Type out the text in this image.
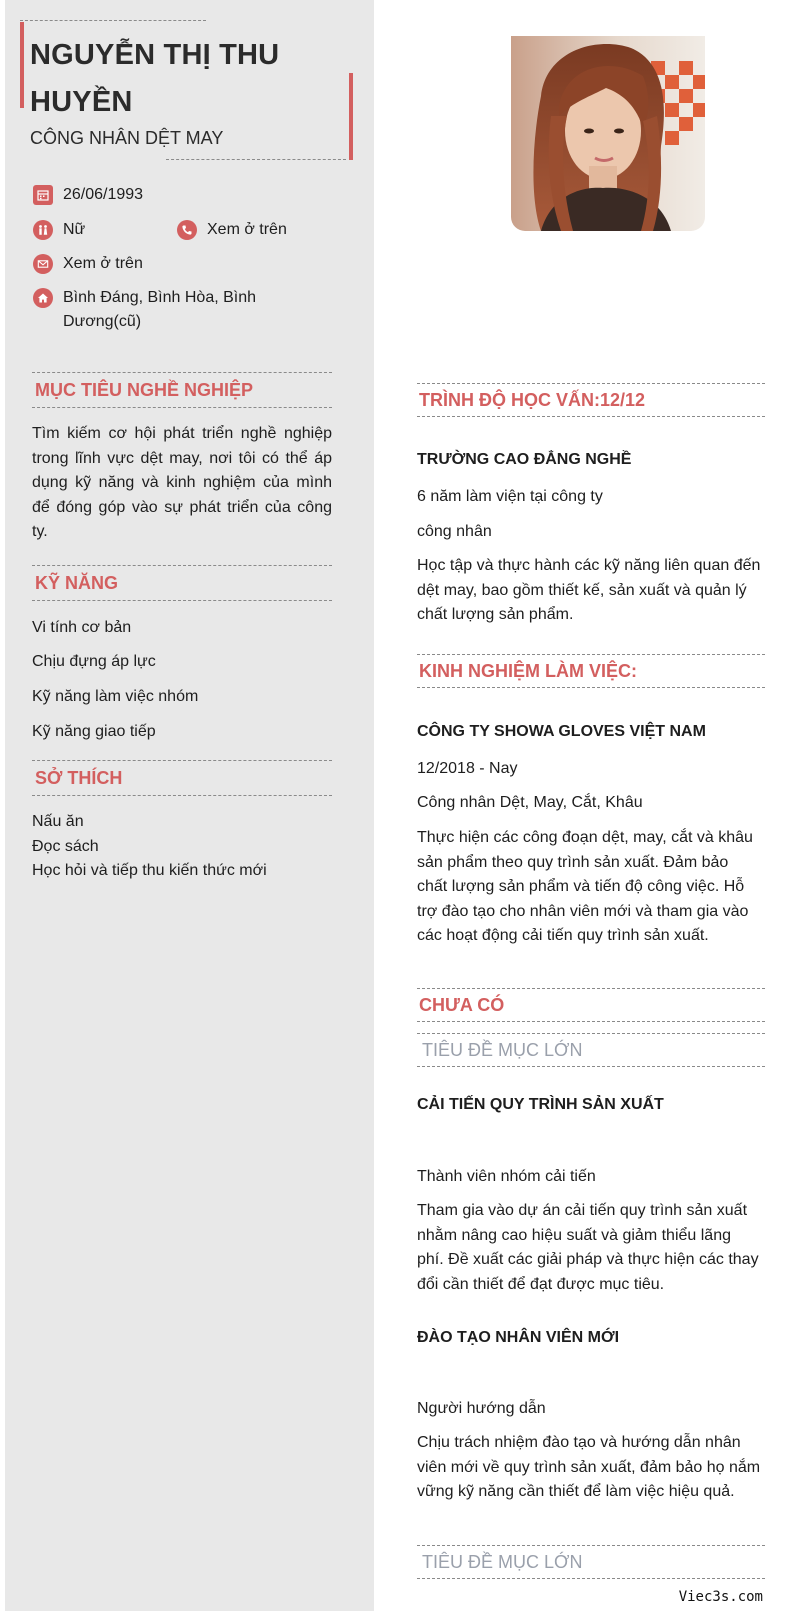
NGUYỄN THỊ THU HUYỀN
CÔNG NHÂN DỆT MAY
26/06/1993
Nữ	Xem ở trên
Xem ở trên
Bình Đáng, Bình Hòa, Bình Dương(cũ)
MỤC TIÊU NGHỀ NGHIỆP
Tìm kiếm cơ hội phát triển nghề nghiệp trong lĩnh vực dệt may, nơi tôi có thể áp dụng kỹ năng và kinh nghiệm của mình để đóng góp vào sự phát triển của công ty.
KỸ NĂNG
Vi tính cơ bản
Chịu đựng áp lực
Kỹ năng làm việc nhóm
Kỹ năng giao tiếp
SỞ THÍCH
Nấu ăn
Đọc sách
Học hỏi và tiếp thu kiến thức mới
TRÌNH ĐỘ HỌC VẤN:12/12
TRƯỜNG CAO ĐẲNG NGHỀ
6 năm làm viện tại công ty
công nhân
Học tập và thực hành các kỹ năng liên quan đến dệt may, bao gồm thiết kế, sản xuất và quản lý chất lượng sản phẩm.
KINH NGHIỆM LÀM VIỆC:
CÔNG TY SHOWA GLOVES VIỆT NAM
12/2018 - Nay
Công nhân Dệt, May, Cắt, Khâu
Thực hiện các công đoạn dệt, may, cắt và khâu sản phẩm theo quy trình sản xuất. Đảm bảo chất lượng sản phẩm và tiến độ công việc. Hỗ trợ đào tạo cho nhân viên mới và tham gia vào các hoạt động cải tiến quy trình sản xuất.
CHƯA CÓ
TIÊU ĐỀ MỤC LỚN
CẢI TIẾN QUY TRÌNH SẢN XUẤT
Thành viên nhóm cải tiến
Tham gia vào dự án cải tiến quy trình sản xuất nhằm nâng cao hiệu suất và giảm thiểu lãng phí. Đề xuất các giải pháp và thực hiện các thay đổi cần thiết để đạt được mục tiêu.
ĐÀO TẠO NHÂN VIÊN MỚI
Người hướng dẫn
Chịu trách nhiệm đào tạo và hướng dẫn nhân viên mới về quy trình sản xuất, đảm bảo họ nắm vững kỹ năng cần thiết để làm việc hiệu quả.
TIÊU ĐỀ MỤC LỚN
Viec3s.com
